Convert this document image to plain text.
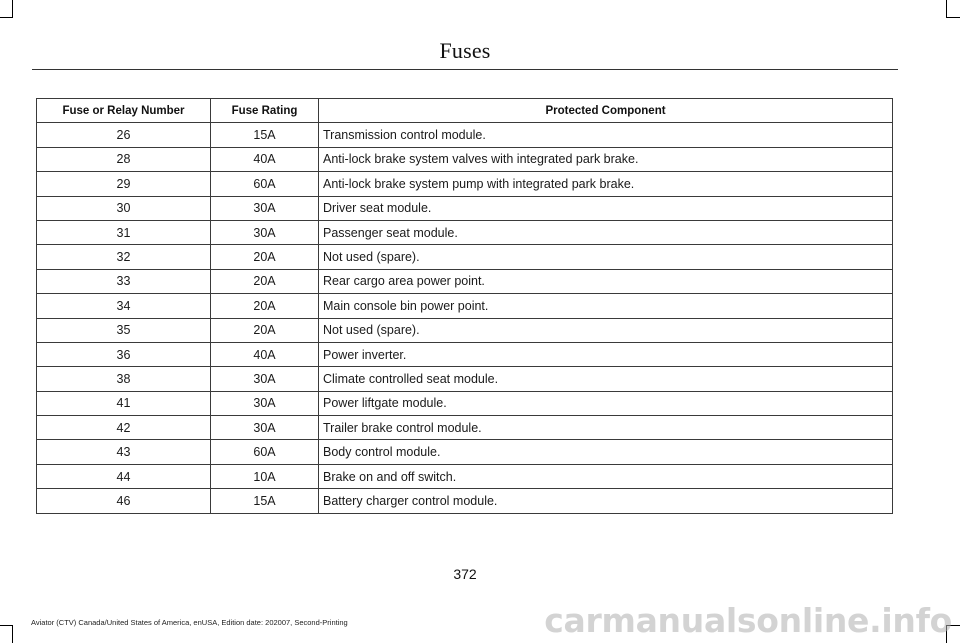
Fuses
Fuse or Relay Number	Fuse Rating	Protected Component
26	15A	Transmission control module.
28	40A	Anti-lock brake system valves with integrated park brake.
29	60A	Anti-lock brake system pump with integrated park brake.
30	30A	Driver seat module.
31	30A	Passenger seat module.
32	20A	Not used (spare).
33	20A	Rear cargo area power point.
34	20A	Main console bin power point.
35	20A	Not used (spare).
36	40A	Power inverter.
38	30A	Climate controlled seat module.
41	30A	Power liftgate module.
42	30A	Trailer brake control module.
43	60A	Body control module.
44	10A	Brake on and off switch.
46	15A	Battery charger control module.
372
Aviator (CTV) Canada/United States of America, enUSA, Edition date: 202007, Second-Printing	carmanualsonline.info
